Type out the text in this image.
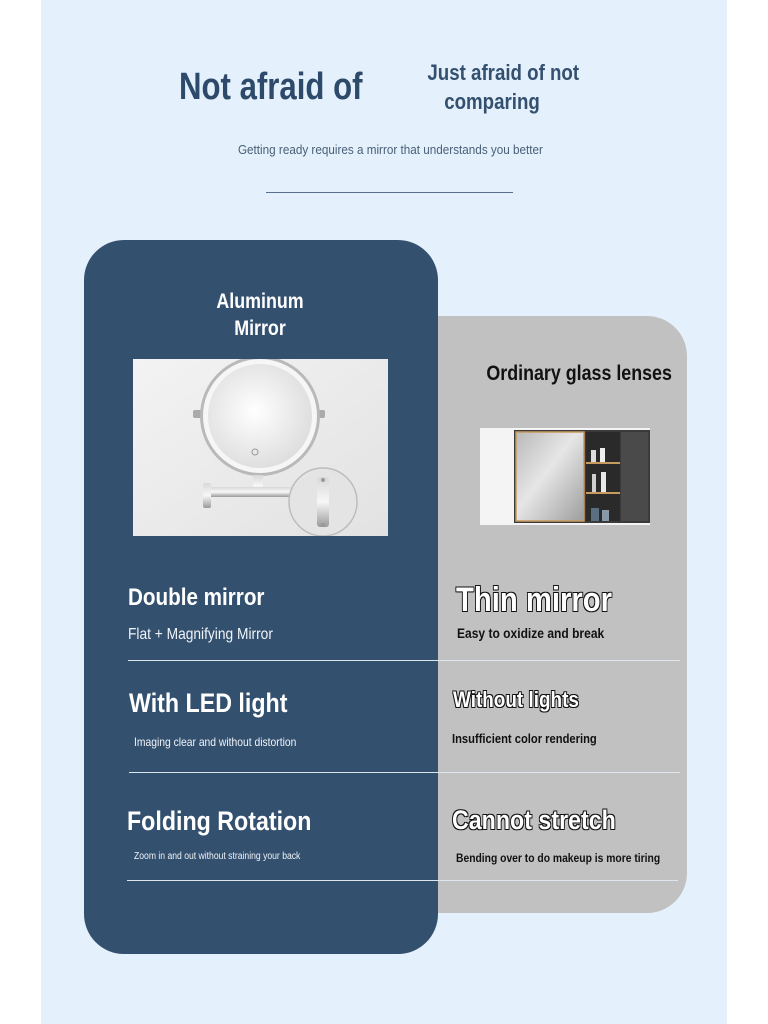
Not afraid of	Just afraid of not
comparing
Getting ready requires a mirror that understands you better
Aluminum
Mirror
Ordinary glass lenses
Double mirror
Flat + Magnifying Mirror
With LED light
Imaging clear and without distortion
Folding Rotation
Zoom in and out without straining your back
Thin mirror
Easy to oxidize and break
Without lights
Insufficient color rendering
Cannot stretch
Bending over to do makeup is more tiring
